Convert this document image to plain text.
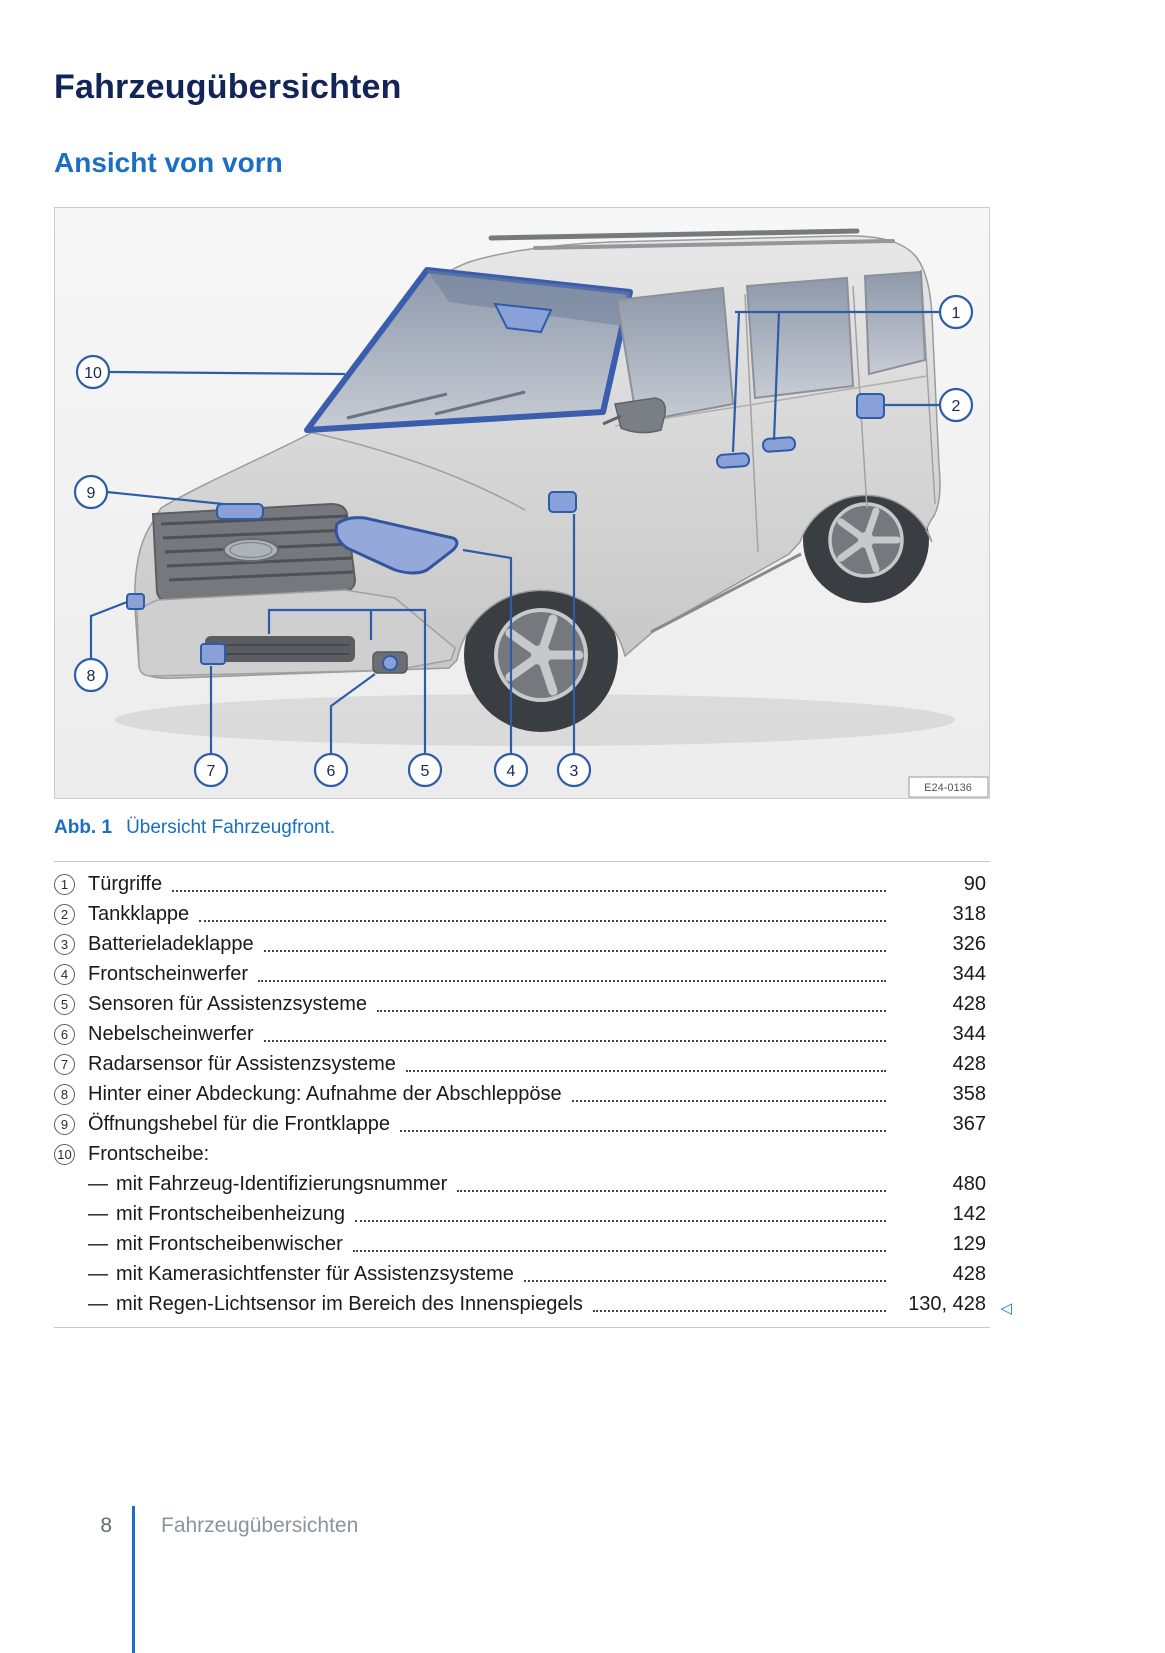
Fahrzeugübersichten
Ansicht von vorn
10
9
8
7	6	5	4	3
1
2
E24-0136
Abb. 1 Übersicht Fahrzeugfront.
1 Türgriffe	90
2 Tankklappe	318
3 Batterieladeklappe	326
4 Frontscheinwerfer	344
5 Sensoren für Assistenzsysteme	428
6 Nebelscheinwerfer	344
7 Radarsensor für Assistenzsysteme	428
8 Hinter einer Abdeckung: Aufnahme der Abschleppöse	358
9 Öffnungshebel für die Frontklappe	367
10 Frontscheibe:
— mit Fahrzeug-Identifizierungsnummer	480
— mit Frontscheibenheizung	142
— mit Frontscheibenwischer	129
— mit Kamerasichtfenster für Assistenzsysteme	428
— mit Regen-Lichtsensor im Bereich des Innenspiegels	130, 428 ◁
8 Fahrzeugübersichten
